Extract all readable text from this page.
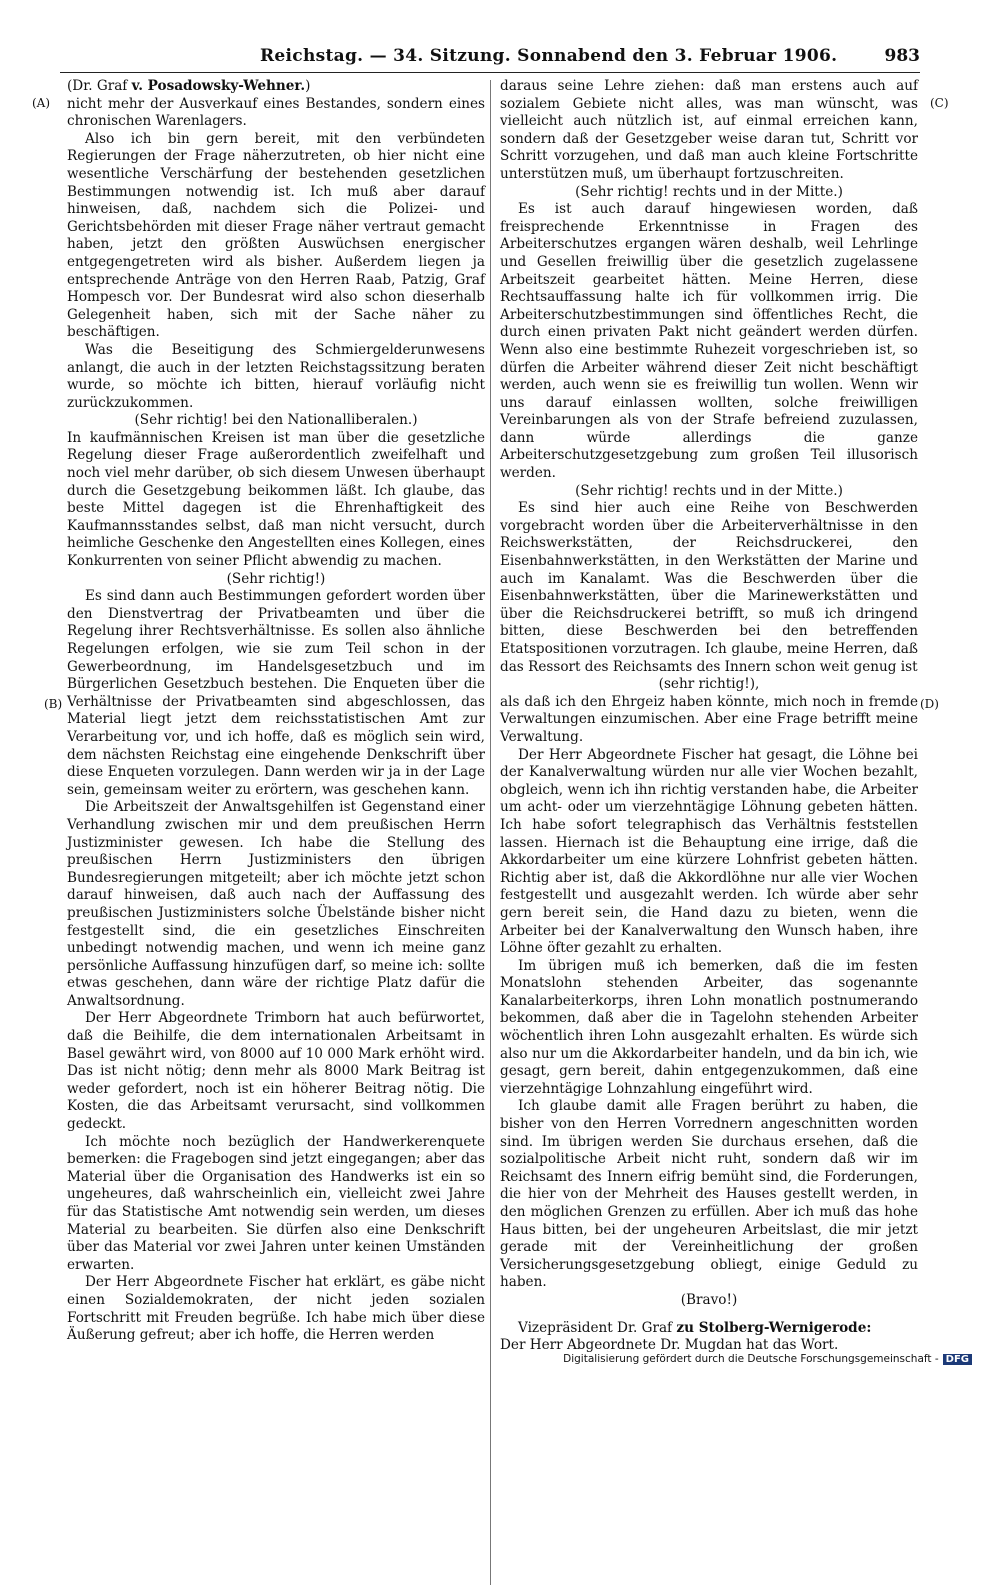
Reichstag. — 34. Sitzung. Sonnabend den 3. Februar 1906.	983
(A)
(B)
(C)
(D)

(Dr. Graf v. Posadowsky-Wehner.)

nicht mehr der Ausverkauf eines Bestandes, sondern eines chronischen Warenlagers.

Also ich bin gern bereit, mit den verbündeten Regierungen der Frage näherzutreten, ob hier nicht eine wesentliche Verschärfung der bestehenden gesetzlichen Bestimmungen notwendig ist. Ich muß aber darauf hinweisen, daß, nachdem sich die Polizei- und Gerichtsbehörden mit dieser Frage näher vertraut gemacht haben, jetzt den größten Auswüchsen energischer entgegengetreten wird als bisher. Außerdem liegen ja entsprechende Anträge von den Herren Raab, Patzig, Graf Hompesch vor. Der Bundesrat wird also schon dieserhalb Gelegenheit haben, sich mit der Sache näher zu beschäftigen.

Was die Beseitigung des Schmiergelderunwesens anlangt, die auch in der letzten Reichstagssitzung beraten wurde, so möchte ich bitten, hierauf vorläufig nicht zurückzukommen.

(Sehr richtig! bei den Nationalliberalen.)

In kaufmännischen Kreisen ist man über die gesetzliche Regelung dieser Frage außerordentlich zweifelhaft und noch viel mehr darüber, ob sich diesem Unwesen überhaupt durch die Gesetzgebung beikommen läßt. Ich glaube, das beste Mittel dagegen ist die Ehrenhaftigkeit des Kaufmannsstandes selbst, daß man nicht versucht, durch heimliche Geschenke den Angestellten eines Kollegen, eines Konkurrenten von seiner Pflicht abwendig zu machen.

(Sehr richtig!)

Es sind dann auch Bestimmungen gefordert worden über den Dienstvertrag der Privatbeamten und über die Regelung ihrer Rechtsverhältnisse. Es sollen also ähnliche Regelungen erfolgen, wie sie zum Teil schon in der Gewerbeordnung, im Handelsgesetzbuch und im Bürgerlichen Gesetzbuch bestehen. Die Enqueten über die Verhältnisse der Privatbeamten sind abgeschlossen, das Material liegt jetzt dem reichsstatistischen Amt zur Verarbeitung vor, und ich hoffe, daß es möglich sein wird, dem nächsten Reichstag eine eingehende Denkschrift über diese Enqueten vorzulegen. Dann werden wir ja in der Lage sein, gemeinsam weiter zu erörtern, was geschehen kann.

Die Arbeitszeit der Anwaltsgehilfen ist Gegenstand einer Verhandlung zwischen mir und dem preußischen Herrn Justizminister gewesen. Ich habe die Stellung des preußischen Herrn Justizministers den übrigen Bundesregierungen mitgeteilt; aber ich möchte jetzt schon darauf hinweisen, daß auch nach der Auffassung des preußischen Justizministers solche Übelstände bisher nicht festgestellt sind, die ein gesetzliches Einschreiten unbedingt notwendig machen, und wenn ich meine ganz persönliche Auffassung hinzufügen darf, so meine ich: sollte etwas geschehen, dann wäre der richtige Platz dafür die Anwaltsordnung.

Der Herr Abgeordnete Trimborn hat auch befürwortet, daß die Beihilfe, die dem internationalen Arbeitsamt in Basel gewährt wird, von 8000 auf 10 000 Mark erhöht wird. Das ist nicht nötig; denn mehr als 8000 Mark Beitrag ist weder gefordert, noch ist ein höherer Beitrag nötig. Die Kosten, die das Arbeitsamt verursacht, sind vollkommen gedeckt.

Ich möchte noch bezüglich der Handwerkerenquete bemerken: die Fragebogen sind jetzt eingegangen; aber das Material über die Organisation des Handwerks ist ein so ungeheures, daß wahrscheinlich ein, vielleicht zwei Jahre für das Statistische Amt notwendig sein werden, um dieses Material zu bearbeiten. Sie dürfen also eine Denkschrift über das Material vor zwei Jahren unter keinen Umständen erwarten.

Der Herr Abgeordnete Fischer hat erklärt, es gäbe nicht einen Sozialdemokraten, der nicht jeden sozialen Fortschritt mit Freuden begrüße. Ich habe mich über diese Äußerung gefreut; aber ich hoffe, die Herren werden

daraus seine Lehre ziehen: daß man erstens auch auf sozialem Gebiete nicht alles, was man wünscht, was vielleicht auch nützlich ist, auf einmal erreichen kann, sondern daß der Gesetzgeber weise daran tut, Schritt vor Schritt vorzugehen, und daß man auch kleine Fortschritte unterstützen muß, um überhaupt fortzuschreiten.

(Sehr richtig! rechts und in der Mitte.)

Es ist auch darauf hingewiesen worden, daß freisprechende Erkenntnisse in Fragen des Arbeiterschutzes ergangen wären deshalb, weil Lehrlinge und Gesellen freiwillig über die gesetzlich zugelassene Arbeitszeit gearbeitet hätten. Meine Herren, diese Rechtsauffassung halte ich für vollkommen irrig. Die Arbeiterschutzbestimmungen sind öffentliches Recht, die durch einen privaten Pakt nicht geändert werden dürfen. Wenn also eine bestimmte Ruhezeit vorgeschrieben ist, so dürfen die Arbeiter während dieser Zeit nicht beschäftigt werden, auch wenn sie es freiwillig tun wollen. Wenn wir uns darauf einlassen wollten, solche freiwilligen Vereinbarungen als von der Strafe befreiend zuzulassen, dann würde allerdings die ganze Arbeiterschutzgesetzgebung zum großen Teil illusorisch werden.

(Sehr richtig! rechts und in der Mitte.)

Es sind hier auch eine Reihe von Beschwerden vorgebracht worden über die Arbeiterverhältnisse in den Reichswerkstätten, der Reichsdruckerei, den Eisenbahnwerkstätten, in den Werkstätten der Marine und auch im Kanalamt. Was die Beschwerden über die Eisenbahnwerkstätten, über die Marinewerkstätten und über die Reichsdruckerei betrifft, so muß ich dringend bitten, diese Beschwerden bei den betreffenden Etatspositionen vorzutragen. Ich glaube, meine Herren, daß das Ressort des Reichsamts des Innern schon weit genug ist

(sehr richtig!),

als daß ich den Ehrgeiz haben könnte, mich noch in fremde Verwaltungen einzumischen. Aber eine Frage betrifft meine Verwaltung.

Der Herr Abgeordnete Fischer hat gesagt, die Löhne bei der Kanalverwaltung würden nur alle vier Wochen bezahlt, obgleich, wenn ich ihn richtig verstanden habe, die Arbeiter um acht- oder um vierzehntägige Löhnung gebeten hätten. Ich habe sofort telegraphisch das Verhältnis feststellen lassen. Hiernach ist die Behauptung eine irrige, daß die Akkordarbeiter um eine kürzere Lohnfrist gebeten hätten. Richtig aber ist, daß die Akkordlöhne nur alle vier Wochen festgestellt und ausgezahlt werden. Ich würde aber sehr gern bereit sein, die Hand dazu zu bieten, wenn die Arbeiter bei der Kanalverwaltung den Wunsch haben, ihre Löhne öfter gezahlt zu erhalten.

Im übrigen muß ich bemerken, daß die im festen Monatslohn stehenden Arbeiter, das sogenannte Kanalarbeiterkorps, ihren Lohn monatlich postnumerando bekommen, daß aber die in Tagelohn stehenden Arbeiter wöchentlich ihren Lohn ausgezahlt erhalten. Es würde sich also nur um die Akkordarbeiter handeln, und da bin ich, wie gesagt, gern bereit, dahin entgegenzukommen, daß eine vierzehntägige Lohnzahlung eingeführt wird.

Ich glaube damit alle Fragen berührt zu haben, die bisher von den Herren Vorrednern angeschnitten worden sind. Im übrigen werden Sie durchaus ersehen, daß die sozialpolitische Arbeit nicht ruht, sondern daß wir im Reichsamt des Innern eifrig bemüht sind, die Forderungen, die hier von der Mehrheit des Hauses gestellt werden, in den möglichen Grenzen zu erfüllen. Aber ich muß das hohe Haus bitten, bei der ungeheuren Arbeitslast, die mir jetzt gerade mit der Vereinheitlichung der großen Versicherungsgesetzgebung obliegt, einige Geduld zu haben.

(Bravo!)

Vizepräsident Dr. Graf zu Stolberg-Wernigerode:

Der Herr Abgeordnete Dr. Mugdan hat das Wort.

Digitalisierung gefördert durch die Deutsche Forschungsgemeinschaft - DFG
